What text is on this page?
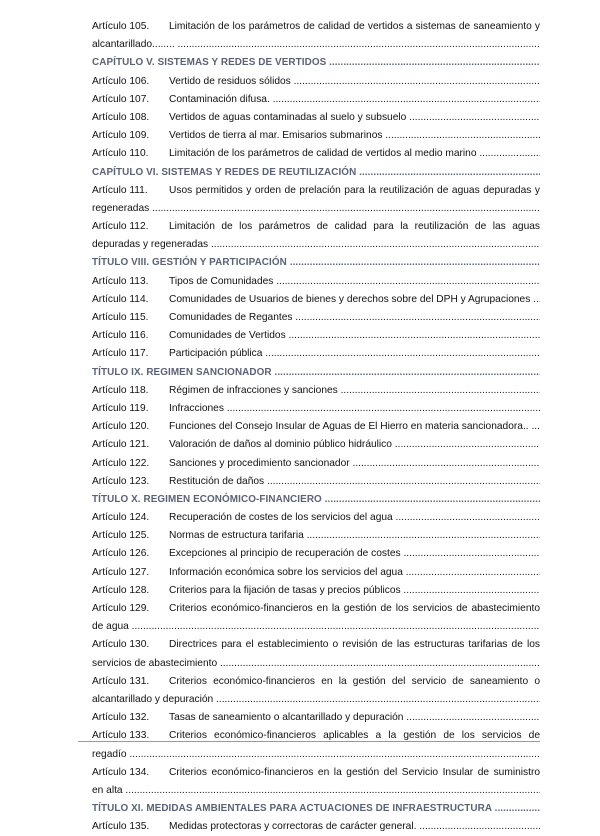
Artículo 105.	Limitación de los parámetros de calidad de vertidos a sistemas de saneamiento y
alcantarillado........ .....
CAPÍTULO V. SISTEMAS Y REDES DE VERTIDOS .....
Artículo 106.	Vertido de residuos sólidos .....
Artículo 107.	Contaminación difusa. .....
Artículo 108.	Vertidos de aguas contaminadas al suelo y subsuelo .....
Artículo 109.	Vertidos de tierra al mar. Emisarios submarinos .....
Artículo 110.	Limitación de los parámetros de calidad de vertidos al medio marino .....
CAPÍTULO VI. SISTEMAS Y REDES DE REUTILIZACIÓN .....
Artículo 111.	Usos permitidos y orden de prelación para la reutilización de aguas depuradas y
regeneradas .....
Artículo 112.	Limitación de los parámetros de calidad para la reutilización de las aguas
depuradas y regeneradas .....
TÍTULO VIII. GESTIÓN Y PARTICIPACIÓN .....
Artículo 113.	Tipos de Comunidades .....
Artículo 114.	Comunidades de Usuarios de bienes y derechos sobre del DPH y Agrupaciones .....
Artículo 115.	Comunidades de Regantes .....
Artículo 116.	Comunidades de Vertidos .....
Artículo 117.	Participación pública .....
TÍTULO IX. REGIMEN SANCIONADOR .....
Artículo 118.	Régimen de infracciones y sanciones .....
Artículo 119.	Infracciones .....
Artículo 120.	Funciones del Consejo Insular de Aguas de El Hierro en materia sancionadora.. .....
Artículo 121.	Valoración de daños al dominio público hidráulico .....
Artículo 122.	Sanciones y procedimiento sancionador .....
Artículo 123.	Restitución de daños .....
TÍTULO X. REGIMEN ECONÓMICO-FINANCIERO .....
Artículo 124.	Recuperación de costes de los servicios del agua .....
Artículo 125.	Normas de estructura tarifaria .....
Artículo 126.	Excepciones al principio de recuperación de costes .....
Artículo 127.	Información económica sobre los servicios del agua .....
Artículo 128.	Criterios para la fijación de tasas y precios públicos .....
Artículo 129.	Criterios económico-financieros en la gestión de los servicios de abastecimiento
de agua .....
Artículo 130.	Directrices para el establecimiento o revisión de las estructuras tarifarias de los
servicios de abastecimiento .....
Artículo 131.	Criterios económico-financieros en la gestión del servicio de saneamiento o
alcantarillado y depuración .....
Artículo 132.	Tasas de saneamiento o alcantarillado y depuración .....
Artículo 133.	Criterios económico-financieros aplicables a la gestión de los servicios de
regadío .....
Artículo 134.	Criterios económico-financieros en la gestión del Servicio Insular de suministro
en alta .....
TÍTULO XI. MEDIDAS AMBIENTALES PARA ACTUACIONES DE INFRAESTRUCTURA .....
Artículo 135.	Medidas protectoras y correctoras de carácter general. .....
